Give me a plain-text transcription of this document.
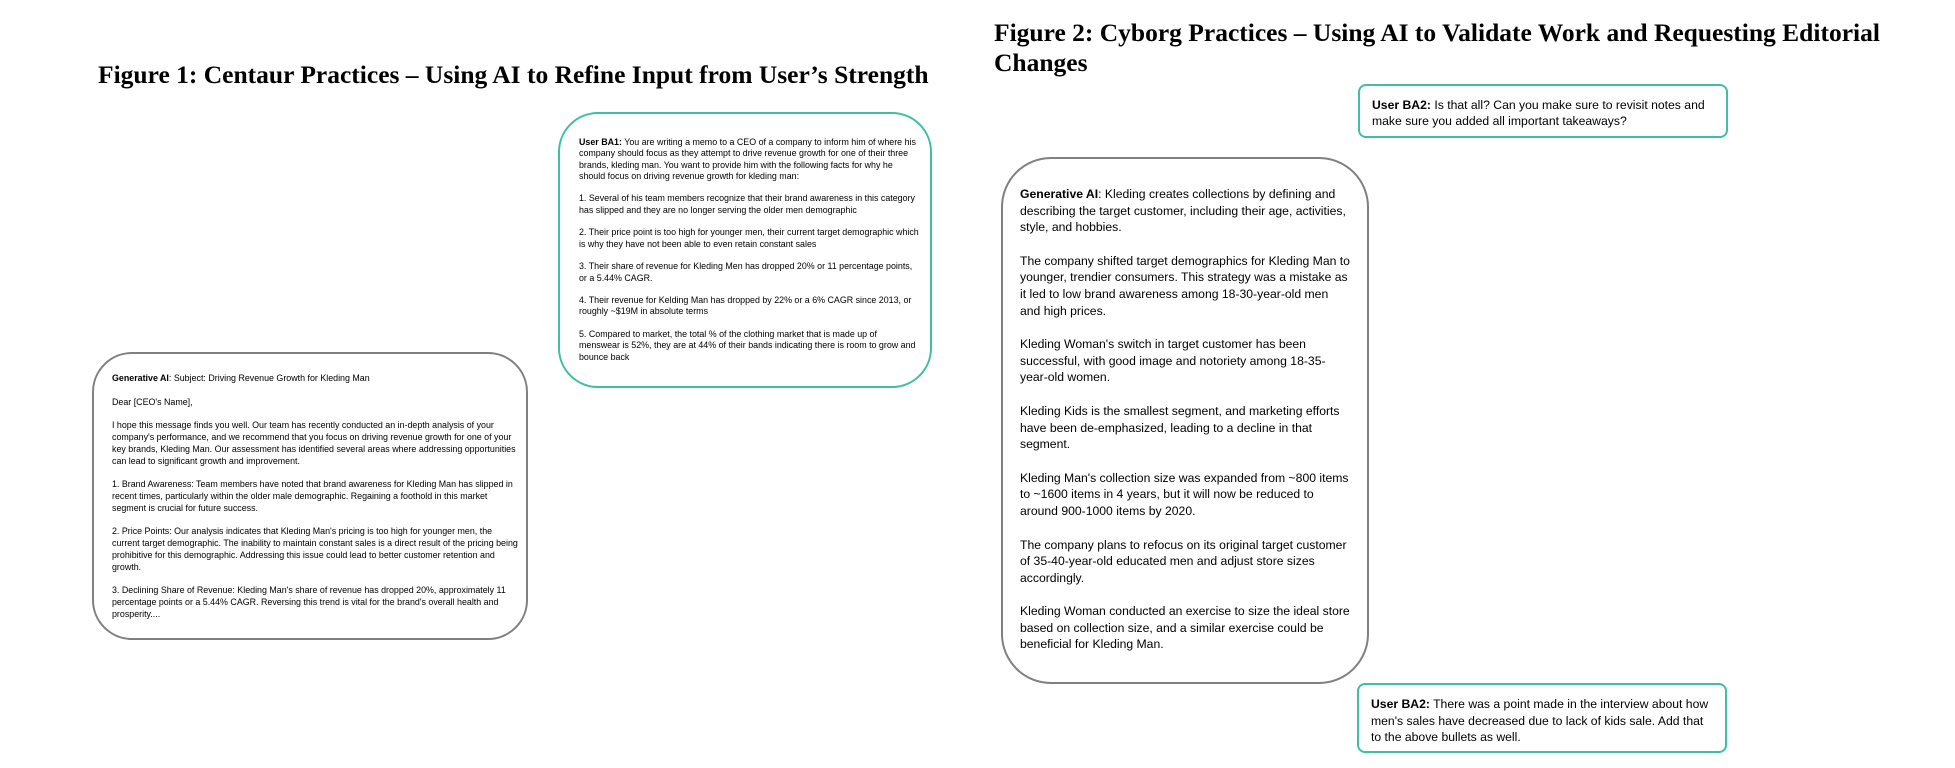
Figure 1: Centaur Practices – Using AI to Refine Input from User’s Strength
Figure 2: Cyborg Practices – Using AI to Validate Work and Requesting Editorial Changes

User BA1: You are writing a memo to a CEO of a company to inform him of where his company should focus as they attempt to drive revenue growth for one of their three brands, kleding man. You want to provide him with the following facts for why he should focus on driving revenue growth for kleding man:

1. Several of his team members recognize that their brand awareness in this category has slipped and they are no longer serving the older men demographic

2. Their price point is too high for younger men, their current target demographic which is why they have not been able to even retain constant sales

3. Their share of revenue for Kleding Men has dropped 20% or 11 percentage points, or a 5.44% CAGR.

4. Their revenue for Kelding Man has dropped by 22% or a 6% CAGR since 2013, or roughly ~$19M in absolute terms

5. Compared to market, the total % of the clothing market that is made up of menswear is 52%, they are at 44% of their bands indicating there is room to grow and bounce back

Generative AI: Subject: Driving Revenue Growth for Kleding Man

Dear [CEO's Name],

I hope this message finds you well. Our team has recently conducted an in-depth analysis of your company's performance, and we recommend that you focus on driving revenue growth for one of your key brands, Kleding Man. Our assessment has identified several areas where addressing opportunities can lead to significant growth and improvement.

1. Brand Awareness: Team members have noted that brand awareness for Kleding Man has slipped in recent times, particularly within the older male demographic. Regaining a foothold in this market segment is crucial for future success.

2. Price Points: Our analysis indicates that Kleding Man's pricing is too high for younger men, the current target demographic. The inability to maintain constant sales is a direct result of the pricing being prohibitive for this demographic. Addressing this issue could lead to better customer retention and growth.

3. Declining Share of Revenue: Kleding Man's share of revenue has dropped 20%, approximately 11 percentage points or a 5.44% CAGR. Reversing this trend is vital for the brand's overall health and prosperity....

User BA2: Is that all? Can you make sure to revisit notes and make sure you added all important takeaways?

Generative AI: Kleding creates collections by defining and describing the target customer, including their age, activities, style, and hobbies.

The company shifted target demographics for Kleding Man to younger, trendier consumers. This strategy was a mistake as it led to low brand awareness among 18-30-year-old men and high prices.

Kleding Woman's switch in target customer has been successful, with good image and notoriety among 18-35-year-old women.

Kleding Kids is the smallest segment, and marketing efforts have been de-emphasized, leading to a decline in that segment.

Kleding Man's collection size was expanded from ~800 items to ~1600 items in 4 years, but it will now be reduced to around 900-1000 items by 2020.

The company plans to refocus on its original target customer of 35-40-year-old educated men and adjust store sizes accordingly.

Kleding Woman conducted an exercise to size the ideal store based on collection size, and a similar exercise could be beneficial for Kleding Man.

User BA2: There was a point made in the interview about how men's sales have decreased due to lack of kids sale. Add that to the above bullets as well.
